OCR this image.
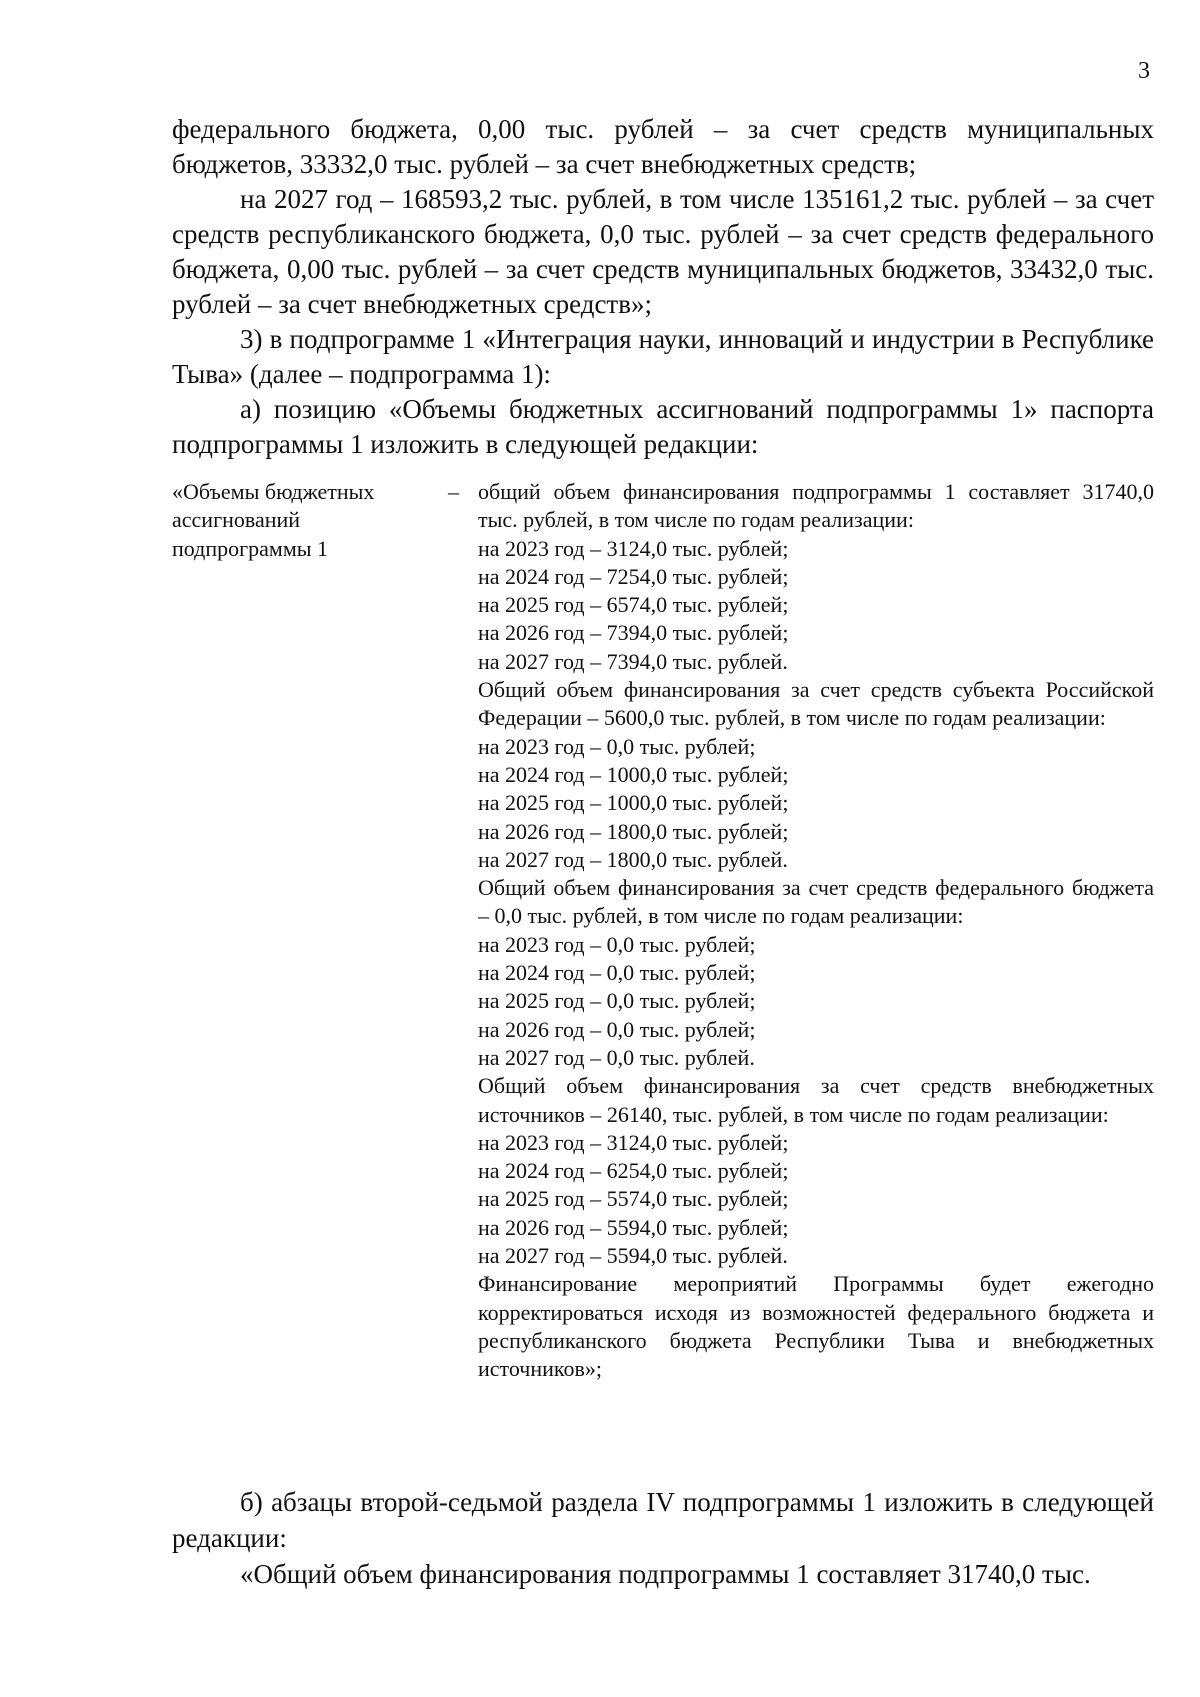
3

федерального бюджета, 0,00 тыс. рублей – за счет средств муниципальных бюджетов, 33332,0 тыс. рублей – за счет внебюджетных средств;

на 2027 год – 168593,2 тыс. рублей, в том числе 135161,2 тыс. рублей – за счет средств республиканского бюджета, 0,0 тыс. рублей – за счет средств федерального бюджета, 0,00 тыс. рублей – за счет средств муниципальных бюджетов, 33432,0 тыс. рублей – за счет внебюджетных средств»;

3) в подпрограмме 1 «Интеграция науки, инноваций и индустрии в Республике Тыва» (далее – подпрограмма 1):

а) позицию «Объемы бюджетных ассигнований подпрограммы 1» паспорта подпрограммы 1 изложить в следующей редакции:

«Объемы бюджетных ассигнований подпрограммы 1
– общий объем финансирования подпрограммы 1 составляет 31740,0 тыс. рублей, в том числе по годам реализации:

на 2023 год – 3124,0 тыс. рублей;

на 2024 год – 7254,0 тыс. рублей;

на 2025 год – 6574,0 тыс. рублей;

на 2026 год – 7394,0 тыс. рублей;

на 2027 год – 7394,0 тыс. рублей.

Общий объем финансирования за счет средств субъекта Российской Федерации – 5600,0 тыс. рублей, в том числе по годам реализации:

на 2023 год – 0,0 тыс. рублей;

на 2024 год – 1000,0 тыс. рублей;

на 2025 год – 1000,0 тыс. рублей;

на 2026 год – 1800,0 тыс. рублей;

на 2027 год – 1800,0 тыс. рублей.

Общий объем финансирования за счет средств федерального бюджета – 0,0 тыс. рублей, в том числе по годам реализации:

на 2023 год – 0,0 тыс. рублей;

на 2024 год – 0,0 тыс. рублей;

на 2025 год – 0,0 тыс. рублей;

на 2026 год – 0,0 тыс. рублей;

на 2027 год – 0,0 тыс. рублей.

Общий объем финансирования за счет средств внебюджетных источников – 26140, тыс. рублей, в том числе по годам реализации:

на 2023 год – 3124,0 тыс. рублей;

на 2024 год – 6254,0 тыс. рублей;

на 2025 год – 5574,0 тыс. рублей;

на 2026 год – 5594,0 тыс. рублей;

на 2027 год – 5594,0 тыс. рублей.

Финансирование мероприятий Программы будет ежегодно корректироваться исходя из возможностей федерального бюджета и республиканского бюджета Республики Тыва и внебюджетных источников»;

б) абзацы второй-седьмой раздела IV подпрограммы 1 изложить в следующей редакции:

«Общий объем финансирования подпрограммы 1 составляет 31740,0 тыс.
